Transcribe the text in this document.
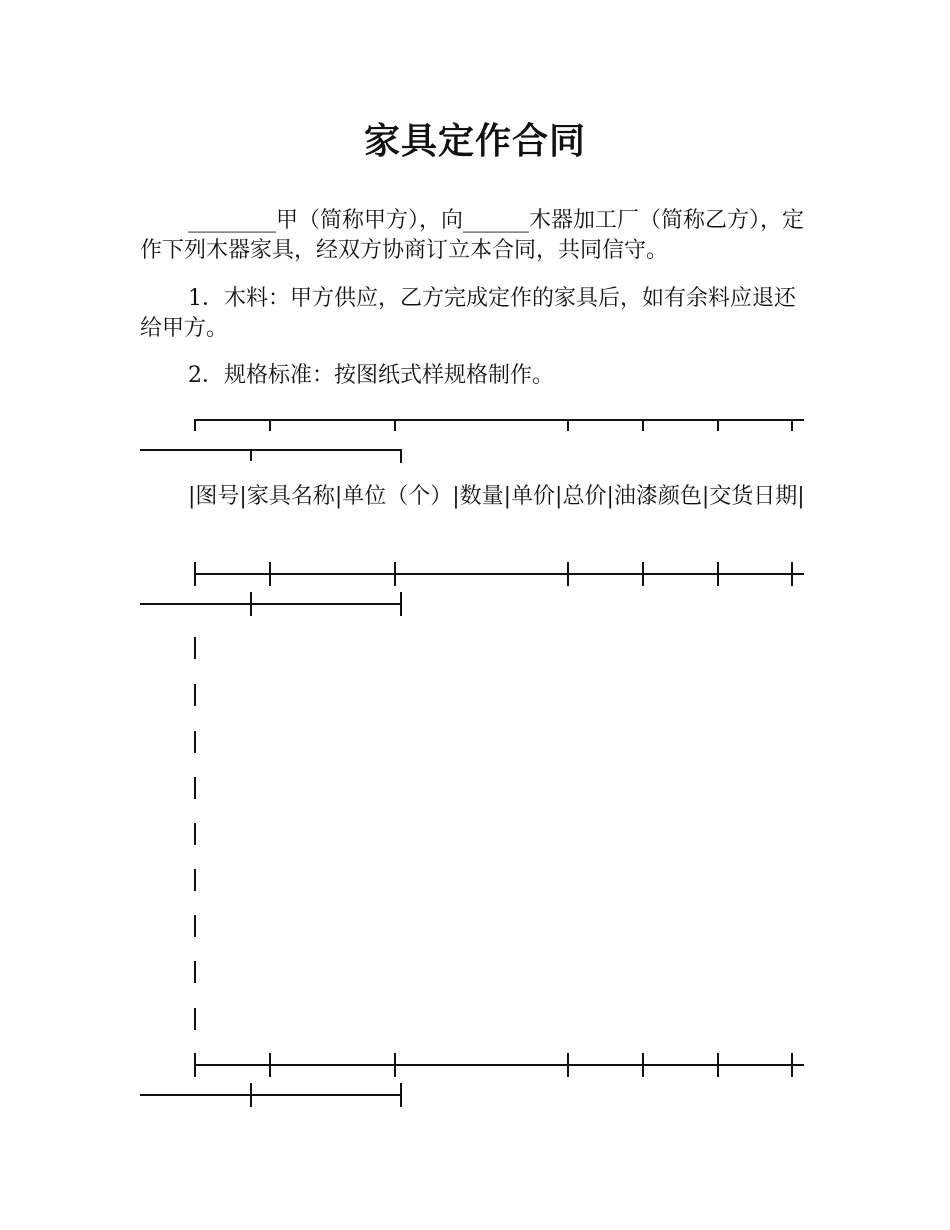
家具定作合同

________甲（简称甲方），向______木器加工厂（简称乙方），定作下列木器家具，经双方协商订立本合同，共同信守。

1．木料：甲方供应，乙方完成定作的家具后，如有余料应退还给甲方。

2．规格标准：按图纸式样规格制作。

|图号|家具名称|单位（个）|数量|单价|总价|油漆颜色|交货日期|
